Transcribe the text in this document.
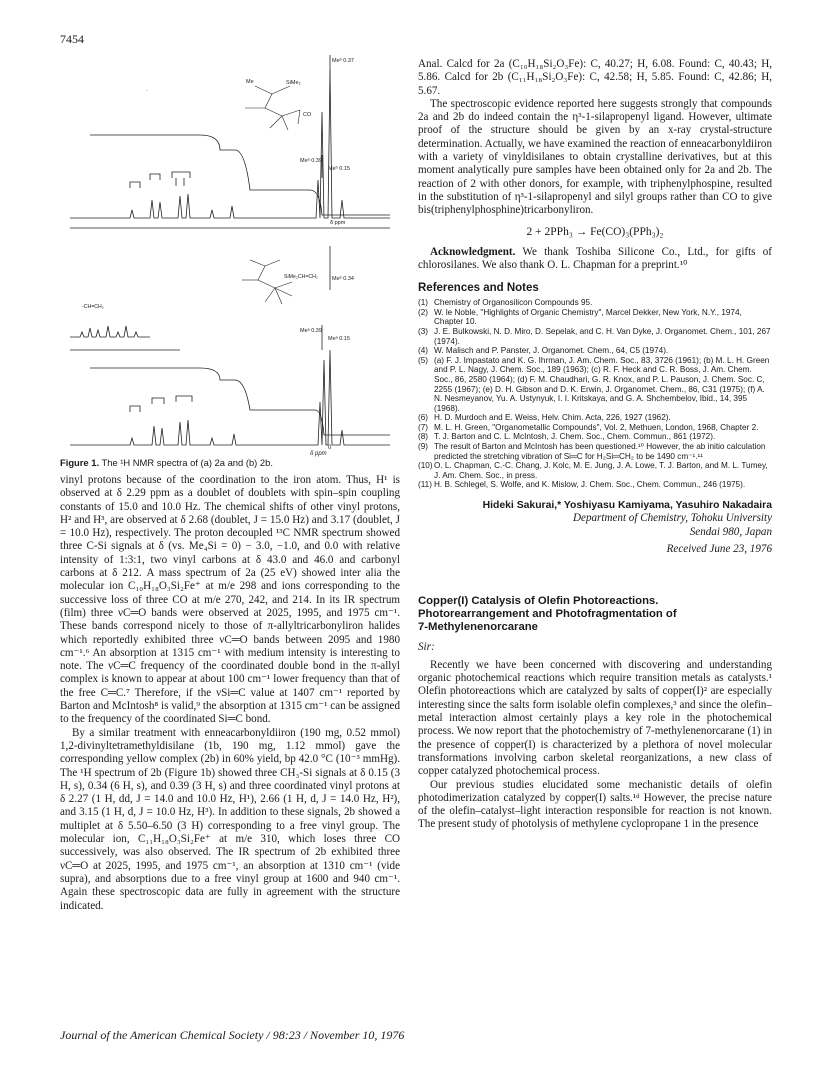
7454
Me	SiMe₂
CO
·
Meᵇ 0.37
Meᵃ 0.39
Meᵇ 0.15
δ ppm
SiMe₂CH=CH₂
-CH=CH₂
Meᵇ 0.34
Meᵃ 0.39
Meᵃ 0.15
0
δ ppm

Figure 1. The ¹H NMR spectra of (a) 2a and (b) 2b.

vinyl protons because of the coordination to the iron atom. Thus, H¹ is observed at δ 2.29 ppm as a doublet of doublets with spin–spin coupling constants of 15.0 and 10.0 Hz. The chemical shifts of other vinyl protons, H² and H³, are observed at δ 2.68 (doublet, J = 15.0 Hz) and 3.17 (doublet, J = 10.0 Hz), respectively. The proton decoupled ¹³C NMR spectrum showed three C-Si signals at δ (vs. Me₄Si = 0) − 3.0, −1.0, and 0.0 with relative intensity of 1:3:1, two vinyl carbons at δ 43.0 and 46.0 and carbonyl carbons at δ 212. A mass spectrum of 2a (25 eV) showed inter alia the molecular ion C₁₀H₁₈O₃Si₂Fe⁺ at m/e 298 and ions corresponding to the successive loss of three CO at m/e 270, 242, and 214. In its IR spectrum (film) three νC═O bands were observed at 2025, 1995, and 1975 cm⁻¹. These bands correspond nicely to those of π-allyltricarbonyliron halides which reportedly exhibited three νC═O bands between 2095 and 1980 cm⁻¹.⁶ An absorption at 1315 cm⁻¹ with medium intensity is interesting to note. The νC═C frequency of the coordinated double bond in the π-allyl complex is known to appear at about 100 cm⁻¹ lower frequency than that of the free C═C.⁷ Therefore, if the νSi═C value at 1407 cm⁻¹ reported by Barton and McIntosh⁸ is valid,⁹ the absorption at 1315 cm⁻¹ can be assigned to the frequency of the coordinated Si═C bond.

By a similar treatment with enneacarbonyldiiron (190 mg, 0.52 mmol) 1,2-divinyltetramethyldisilane (1b, 190 mg, 1.12 mmol) gave the corresponding yellow complex (2b) in 60% yield, bp 42.0 °C (10⁻³ mmHg). The ¹H spectrum of 2b (Figure 1b) showed three CH₃-Si signals at δ 0.15 (3 H, s), 0.34 (6 H, s), and 0.39 (3 H, s) and three coordinated vinyl protons at δ 2.27 (1 H, dd, J = 14.0 and 10.0 Hz, H¹), 2.66 (1 H, d, J = 14.0 Hz, H²), and 3.15 (1 H, d, J = 10.0 Hz, H³). In addition to these signals, 2b showed a multiplet at δ 5.50–6.50 (3 H) corresponding to a free vinyl group. The molecular ion, C₁₁H₁₈O₃Si₂Fe⁺ at m/e 310, which loses three CO successively, was also observed. The IR spectrum of 2b exhibited three νC═O at 2025, 1995, and 1975 cm⁻¹, an absorption at 1310 cm⁻¹ (vide supra), and absorptions due to a free vinyl group at 1600 and 940 cm⁻¹. Again these spectroscopic data are fully in agreement with the structure indicated.

Anal. Calcd for 2a (C₁₀H₁₈Si₂O₃Fe): C, 40.27; H, 6.08. Found: C, 40.43; H, 5.86. Calcd for 2b (C₁₁H₁₈Si₂O₃Fe): C, 42.58; H, 5.85. Found: C, 42.86; H, 5.67.

The spectroscopic evidence reported here suggests strongly that compounds 2a and 2b do indeed contain the η³-1-silapropenyl ligand. However, ultimate proof of the structure should be given by an x-ray crystal-structure determination. Actually, we have examined the reaction of enneacarbonyldiiron with a variety of vinyldisilanes to obtain crystalline derivatives, but at this moment analytically pure samples have been obtained only for 2a and 2b. The reaction of 2 with other donors, for example, with triphenylphospine, resulted in the substitution of η³-1-silapropenyl and silyl groups rather than CO to give bis(triphenylphosphine)tricarbonyliron.

2 + 2PPh₃ → Fe(CO)₃(PPh₃)₂

Acknowledgment. We thank Toshiba Silicone Co., Ltd., for gifts of chlorosilanes. We also thank O. L. Chapman for a preprint.¹⁰

References and Notes
(1) Chemistry of Organosilicon Compounds 95.
(2) W. le Noble, "Highlights of Organic Chemistry", Marcel Dekker, New York, N.Y., 1974, Chapter 10.
(3) J. E. Bulkowski, N. D. Miro, D. Sepelak, and C. H. Van Dyke, J. Organomet. Chem., 101, 267 (1974).
(4) W. Malisch and P. Panster, J. Organomet. Chem., 64, C5 (1974).
(5) (a) F. J. Impastato and K. G. Ihrman, J. Am. Chem. Soc., 83, 3726 (1961); (b) M. L. H. Green and P. L. Nagy, J. Chem. Soc., 189 (1963); (c) R. F. Heck and C. R. Boss, J. Am. Chem. Soc., 86, 2580 (1964); (d) F. M. Chaudhari, G. R. Knox, and P. L. Pauson, J. Chem. Soc. C, 2255 (1967); (e) D. H. Gibson and D. K. Erwin, J. Organomet. Chem., 86, C31 (1975); (f) A. N. Nesmeyanov, Yu. A. Ustynyuk, I. I. Kritskaya, and G. A. Shchembelov, Ibid., 14, 395 (1968).
(6) H. D. Murdoch and E. Weiss, Helv. Chim. Acta, 226, 1927 (1962).
(7) M. L. H. Green, "Organometallic Compounds", Vol. 2, Methuen, London, 1968, Chapter 2.
(8) T. J. Barton and C. L. McIntosh, J. Chem. Soc., Chem. Commun., 861 (1972).
(9) The result of Barton and McIntosh has been questioned.¹⁰ However, the ab initio calculation predicted the stretching vibration of Si═C for H₂Si═CH₂ to be 1490 cm⁻¹.¹¹
(10) O. L. Chapman, C.-C. Chang, J. Kolc, M. E. Jung, J. A. Lowe, T. J. Barton, and M. L. Tumey, J. Am. Chem. Soc., in press.
(11) H. B. Schlegel, S. Wolfe, and K. Mislow, J. Chem. Soc., Chem. Commun., 246 (1975).
Hideki Sakurai,* Yoshiyasu Kamiyama, Yasuhiro Nakadaira

Department of Chemistry, Tohoku University

Sendai 980, Japan

Received June 23, 1976

Copper(I) Catalysis of Olefin Photoreactions.
Photorearrangement and Photofragmentation of
7-Methylenenorcarane

Sir:

Recently we have been concerned with discovering and understanding organic photochemical reactions which require transition metals as catalysts.¹ Olefin photoreactions which are catalyzed by salts of copper(I)² are especially interesting since the salts form isolable olefin complexes,³ and since the olefin–metal interaction almost certainly plays a key role in the photochemical process. We now report that the photochemistry of 7-methylenenorcarane (1) in the presence of copper(I) is characterized by a plethora of novel molecular transformations involving carbon skeletal reorganizations, a new class of copper catalyzed photochemical process.

Our previous studies elucidated some mechanistic details of olefin photodimerization catalyzed by copper(I) salts.¹ᵈ However, the precise nature of the olefin–catalyst–light interaction responsible for reaction is not known. The present study of photolysis of methylene cyclopropane 1 in the presence

Journal of the American Chemical Society / 98:23 / November 10, 1976
